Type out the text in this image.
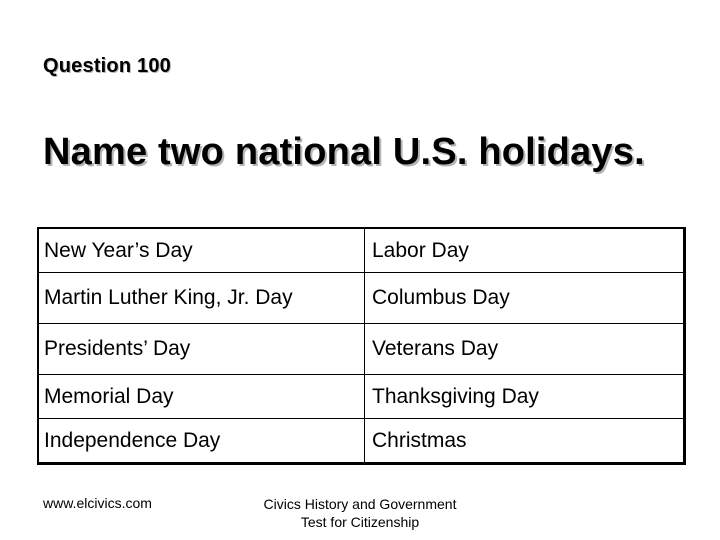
Question 100
Name two national U.S. holidays.
New Year’s Day	Labor Day
Martin Luther King, Jr. Day	Columbus Day
Presidents’ Day	Veterans Day
Memorial Day	Thanksgiving Day
Independence Day	Christmas
www.elcivics.com	Civics History and Government
Test for Citizenship
